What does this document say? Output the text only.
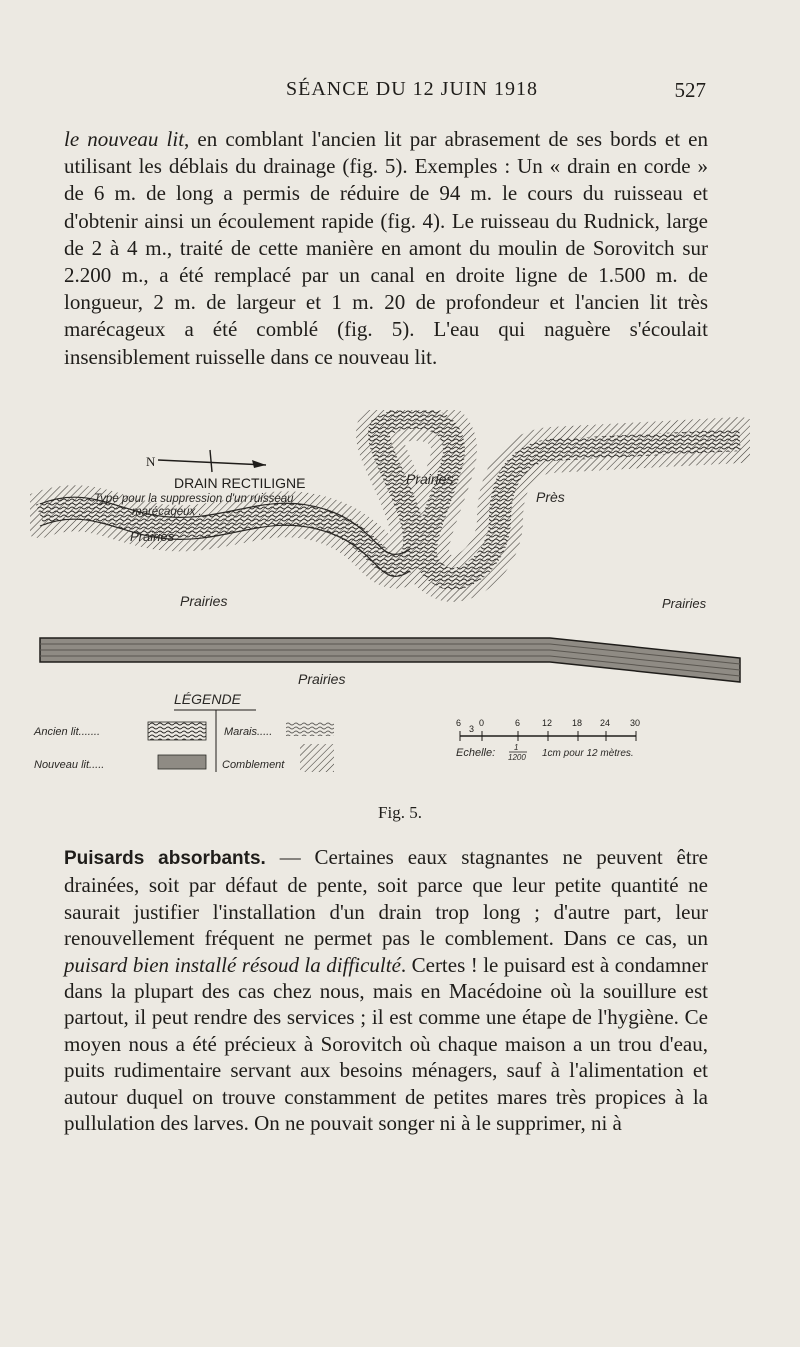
SÉANCE DU 12 JUIN 1918	527

le nouveau lit, en comblant l'ancien lit par abrasement de ses bords et en utilisant les déblais du drainage (fig. 5). Exemples : Un « drain en corde » de 6 m. de long a permis de réduire de 94 m. le cours du ruisseau et d'obtenir ainsi un écoulement rapide (fig. 4). Le ruisseau du Rudnick, large de 2 à 4 m., traité de cette manière en amont du moulin de Sorovitch sur 2.200 m., a été remplacé par un canal en droite ligne de 1.500 m. de longueur, 2 m. de largeur et 1 m. 20 de profondeur et l'ancien lit très marécageux a été comblé (fig. 5). L'eau qui naguère s'écoulait insensiblement ruisselle dans ce nouveau lit.

N
DRAIN RECTILIGNE
Type pour la suppression d'un ruisseau
marécageux .
Prairies
Prairies
Prairies
Près
Prairies
Prairies
LÉGENDE
Ancien lit.......
Nouveau lit.....
Marais.....
Comblement
6 0	6 12 18 24 30
3
Echelle: 1
1200 1cm pour 12 mètres.
Fig. 5.

Puisards absorbants. — Certaines eaux stagnantes ne peuvent être drainées, soit par défaut de pente, soit parce que leur petite quantité ne saurait justifier l'installation d'un drain trop long ; d'autre part, leur renouvellement fréquent ne permet pas le comblement. Dans ce cas, un puisard bien installé résoud la difficulté. Certes ! le puisard est à condamner dans la plupart des cas chez nous, mais en Macédoine où la souillure est partout, il peut rendre des services ; il est comme une étape de l'hygiène. Ce moyen nous a été précieux à Sorovitch où chaque maison a un trou d'eau, puits rudimentaire servant aux besoins ménagers, sauf à l'alimentation et autour duquel on trouve constamment de petites mares très propices à la pullulation des larves. On ne pouvait songer ni à le supprimer, ni à
